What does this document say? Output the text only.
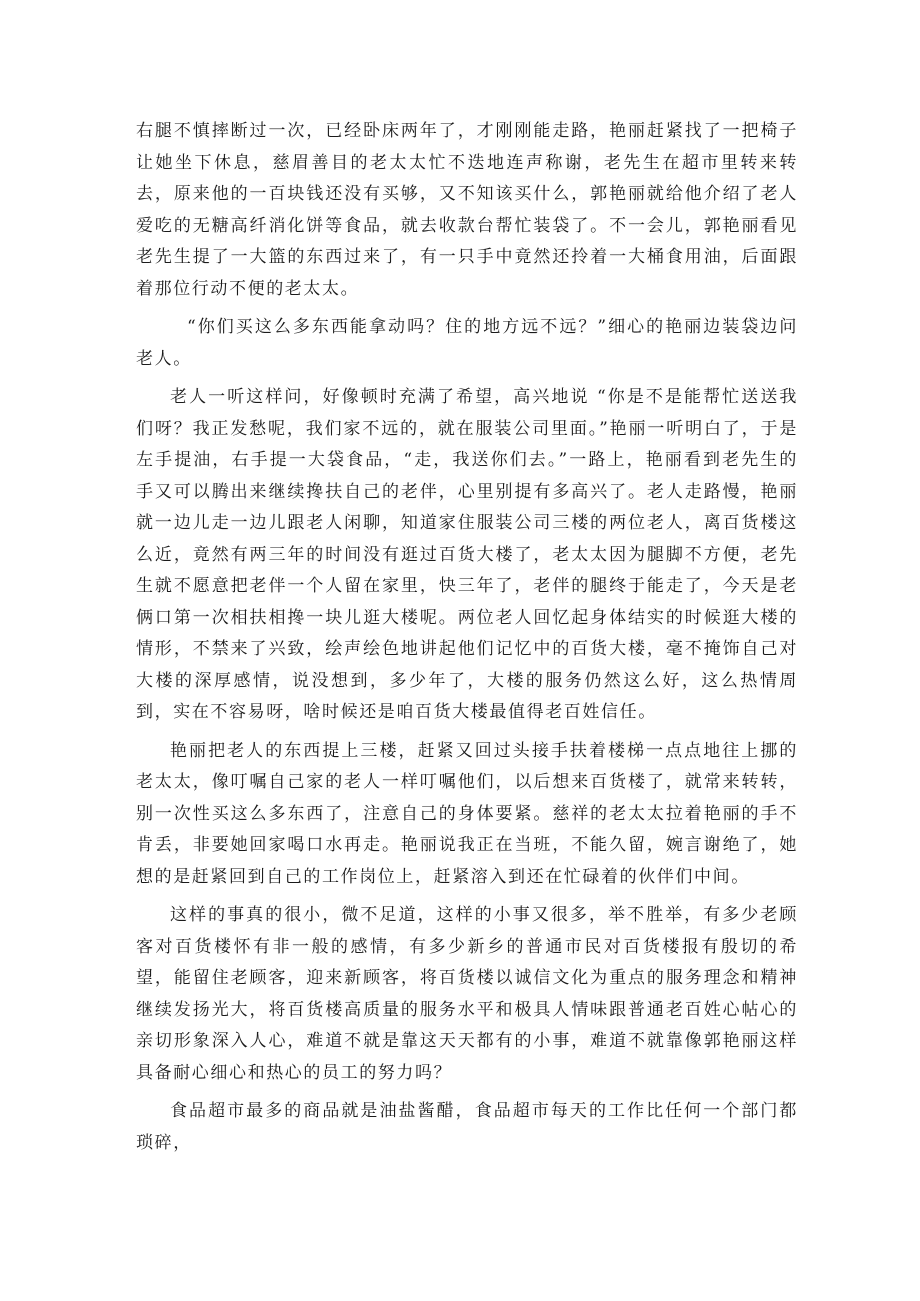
右腿不慎摔断过一次，已经卧床两年了，才刚刚能走路，艳丽赶紧找了一把椅子让她坐下休息，慈眉善目的老太太忙不迭地连声称谢，老先生在超市里转来转去，原来他的一百块钱还没有买够，又不知该买什么，郭艳丽就给他介绍了老人爱吃的无糖高纤消化饼等食品，就去收款台帮忙装袋了。不一会儿，郭艳丽看见老先生提了一大篮的东西过来了，有一只手中竟然还拎着一大桶食用油，后面跟着那位行动不便的老太太。

“你们买这么多东西能拿动吗？住的地方远不远？”细心的艳丽边装袋边问老人。

老人一听这样问，好像顿时充满了希望，高兴地说 “你是不是能帮忙送送我们呀？我正发愁呢，我们家不远的，就在服装公司里面。”艳丽一听明白了，于是左手提油，右手提一大袋食品，“走，我送你们去。”一路上，艳丽看到老先生的手又可以腾出来继续搀扶自己的老伴，心里别提有多高兴了。老人走路慢，艳丽就一边儿走一边儿跟老人闲聊，知道家住服装公司三楼的两位老人，离百货楼这么近，竟然有两三年的时间没有逛过百货大楼了，老太太因为腿脚不方便，老先生就不愿意把老伴一个人留在家里，快三年了，老伴的腿终于能走了，今天是老俩口第一次相扶相搀一块儿逛大楼呢。两位老人回忆起身体结实的时候逛大楼的情形，不禁来了兴致，绘声绘色地讲起他们记忆中的百货大楼，毫不掩饰自己对大楼的深厚感情，说没想到，多少年了，大楼的服务仍然这么好，这么热情周到，实在不容易呀，啥时候还是咱百货大楼最值得老百姓信任。

艳丽把老人的东西提上三楼，赶紧又回过头接手扶着楼梯一点点地往上挪的老太太，像叮嘱自己家的老人一样叮嘱他们，以后想来百货楼了，就常来转转，别一次性买这么多东西了，注意自己的身体要紧。慈祥的老太太拉着艳丽的手不肯丢，非要她回家喝口水再走。艳丽说我正在当班，不能久留，婉言谢绝了，她想的是赶紧回到自己的工作岗位上，赶紧溶入到还在忙碌着的伙伴们中间。

这样的事真的很小，微不足道，这样的小事又很多，举不胜举，有多少老顾客对百货楼怀有非一般的感情，有多少新乡的普通市民对百货楼报有殷切的希望，能留住老顾客，迎来新顾客，将百货楼以诚信文化为重点的服务理念和精神继续发扬光大，将百货楼高质量的服务水平和极具人情味跟普通老百姓心帖心的亲切形象深入人心，难道不就是靠这天天都有的小事，难道不就靠像郭艳丽这样具备耐心细心和热心的员工的努力吗？

食品超市最多的商品就是油盐酱醋，食品超市每天的工作比任何一个部门都琐碎，
